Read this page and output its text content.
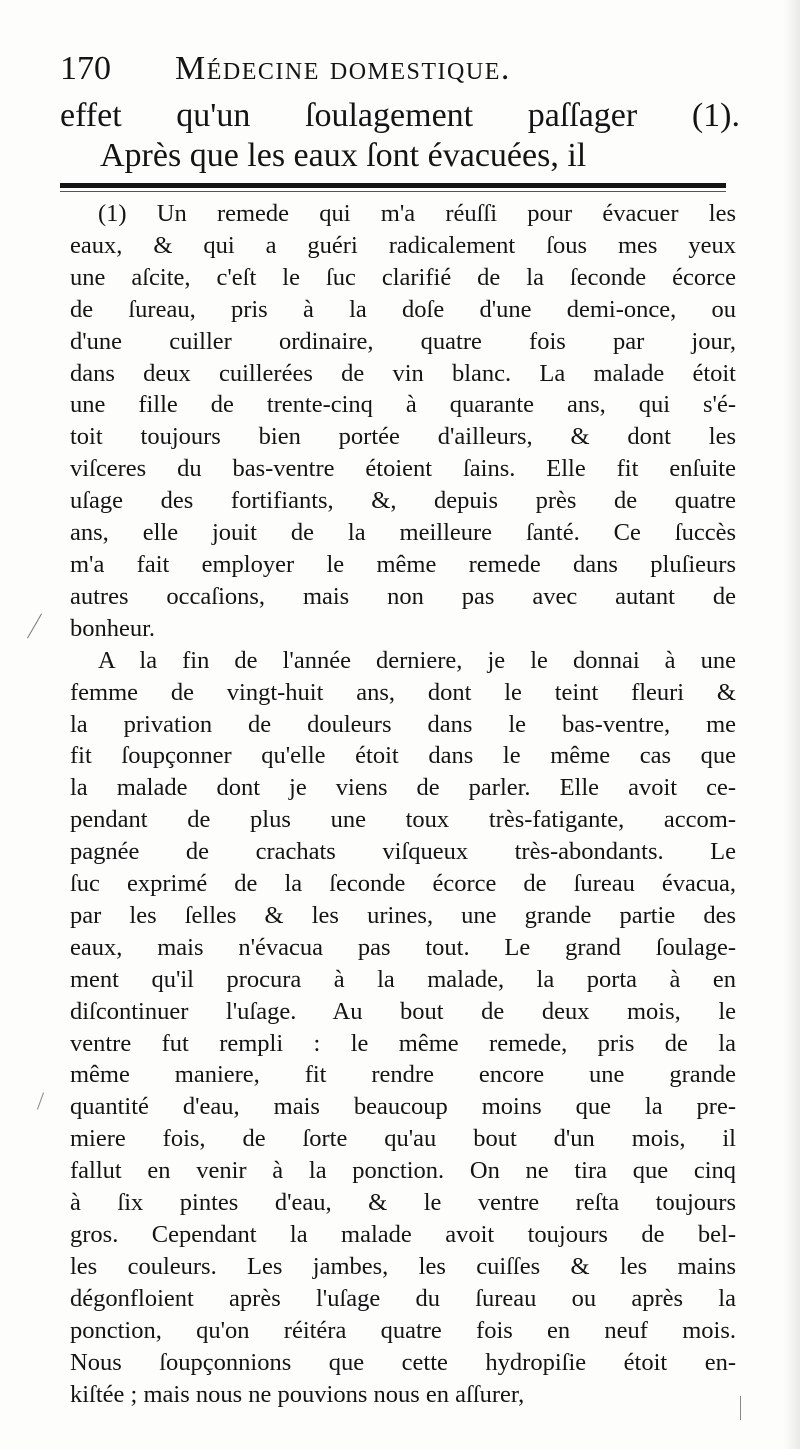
170 Médecine domestique.
effet qu'un ſoulagement paſſager (1).
Après que les eaux ſont évacuées, il
(1) Un remede qui m'a réuſſi pour évacuer les
eaux, & qui a guéri radicalement ſous mes yeux
une aſcite, c'eſt le ſuc clarifié de la ſeconde écorce
de ſureau, pris à la doſe d'une demi-once, ou
d'une cuiller ordinaire, quatre fois par jour,
dans deux cuillerées de vin blanc. La malade étoit
une fille de trente-cinq à quarante ans, qui s'é-
toit toujours bien portée d'ailleurs, & dont les
viſceres du bas-ventre étoient ſains. Elle fit enſuite
uſage des fortifiants, &, depuis près de quatre
ans, elle jouit de la meilleure ſanté. Ce ſuccès
m'a fait employer le même remede dans pluſieurs
autres occaſions, mais non pas avec autant de
bonheur.
A la fin de l'année derniere, je le donnai à une
femme de vingt-huit ans, dont le teint fleuri &
la privation de douleurs dans le bas-ventre, me
fit ſoupçonner qu'elle étoit dans le même cas que
la malade dont je viens de parler. Elle avoit ce-
pendant de plus une toux très-fatigante, accom-
pagnée de crachats viſqueux très-abondants. Le
ſuc exprimé de la ſeconde écorce de ſureau évacua,
par les ſelles & les urines, une grande partie des
eaux, mais n'évacua pas tout. Le grand ſoulage-
ment qu'il procura à la malade, la porta à en
diſcontinuer l'uſage. Au bout de deux mois, le
ventre fut rempli : le même remede, pris de la
même maniere, fit rendre encore une grande
quantité d'eau, mais beaucoup moins que la pre-
miere fois, de ſorte qu'au bout d'un mois, il
fallut en venir à la ponction. On ne tira que cinq
à ſix pintes d'eau, & le ventre reſta toujours
gros. Cependant la malade avoit toujours de bel-
les couleurs. Les jambes, les cuiſſes & les mains
dégonfloient après l'uſage du ſureau ou après la
ponction, qu'on réitéra quatre fois en neuf mois.
Nous ſoupçonnions que cette hydropiſie étoit en-
kiſtée ; mais nous ne pouvions nous en aſſurer,
